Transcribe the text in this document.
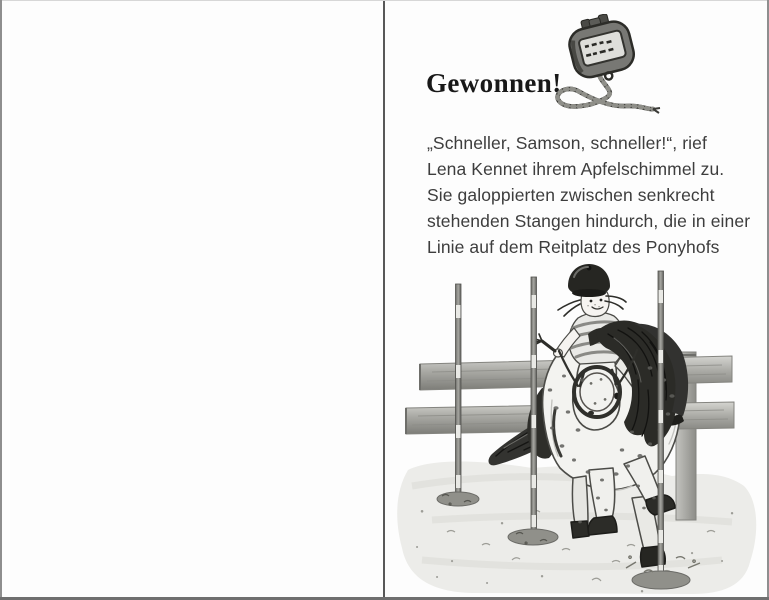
Gewonnen!
„Schneller, Samson, schneller!“, rief
Lena Kennet ihrem Apfelschimmel zu.
Sie galoppierten zwischen senkrecht
stehenden Stangen hindurch, die in einer
Linie auf dem Reitplatz des Ponyhofs
